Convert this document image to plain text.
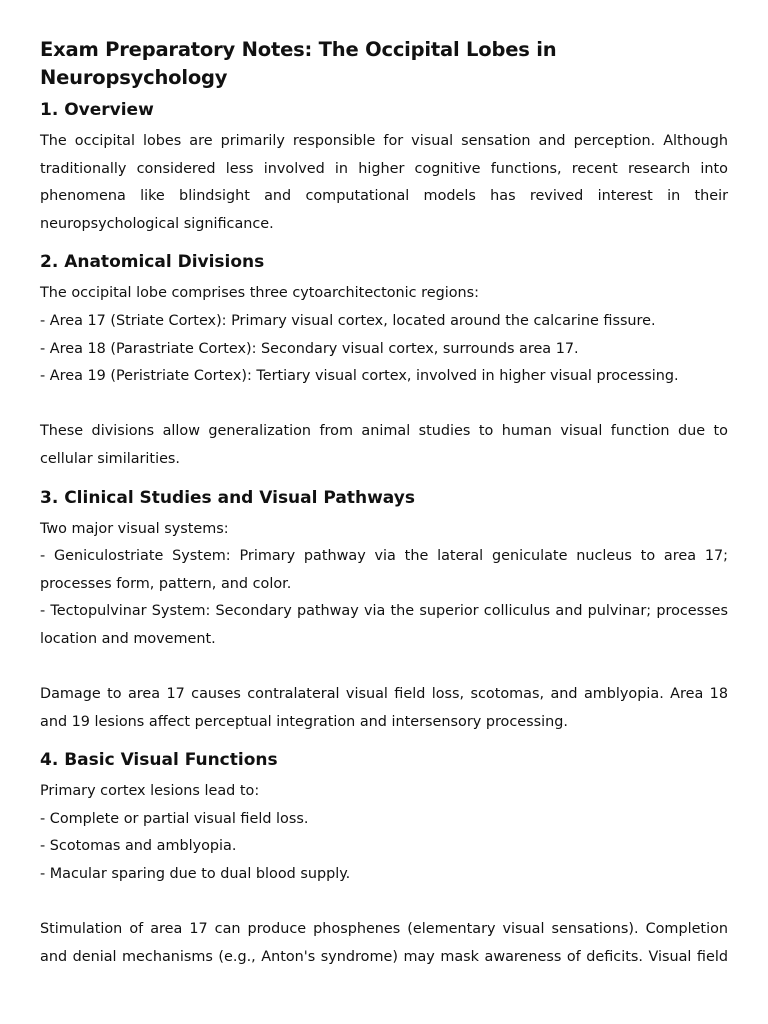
Exam Preparatory Notes: The Occipital Lobes in Neuropsychology
1. Overview

The occipital lobes are primarily responsible for visual sensation and perception. Although traditionally considered less involved in higher cognitive functions, recent research into phenomena like blindsight and computational models has revived interest in their neuropsychological significance.

2. Anatomical Divisions

The occipital lobe comprises three cytoarchitectonic regions:

- Area 17 (Striate Cortex): Primary visual cortex, located around the calcarine fissure.

- Area 18 (Parastriate Cortex): Secondary visual cortex, surrounds area 17.

- Area 19 (Peristriate Cortex): Tertiary visual cortex, involved in higher visual processing.

These divisions allow generalization from animal studies to human visual function due to cellular similarities.

3. Clinical Studies and Visual Pathways

Two major visual systems:

- Geniculostriate System: Primary pathway via the lateral geniculate nucleus to area 17; processes form, pattern, and color.

- Tectopulvinar System: Secondary pathway via the superior colliculus and pulvinar; processes location and movement.

Damage to area 17 causes contralateral visual field loss, scotomas, and amblyopia. Area 18 and 19 lesions affect perceptual integration and intersensory processing.

4. Basic Visual Functions

Primary cortex lesions lead to:

- Complete or partial visual field loss.

- Scotomas and amblyopia.

- Macular sparing due to dual blood supply.

Stimulation of area 17 can produce phosphenes (elementary visual sensations). Completion and denial mechanisms (e.g., Anton's syndrome) may mask awareness of deficits. Visual field
